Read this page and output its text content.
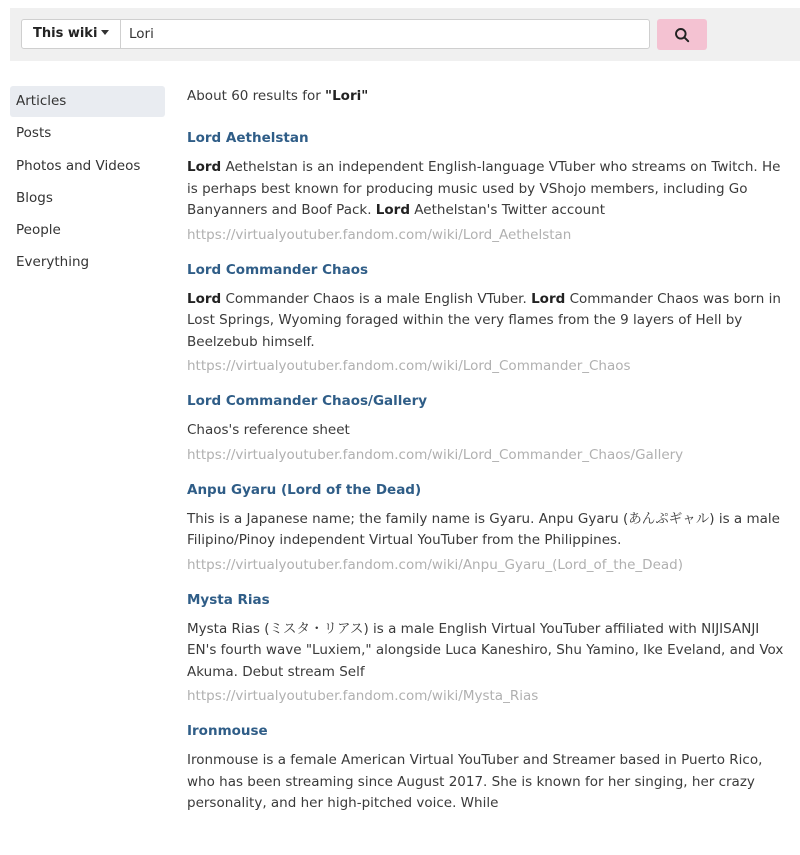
This wiki
Lori
Articles
Posts
Photos and Videos
Blogs
People
Everything
About 60 results for "Lori"
Lord Aethelstan

Lord Aethelstan is an independent English-language VTuber who streams on Twitch. He is perhaps best known for producing music used by VShojo members, including Go Banyanners and Boof Pack. Lord Aethelstan's Twitter account

https://virtualyoutuber.fandom.com/wiki/Lord_Aethelstan
Lord Commander Chaos

Lord Commander Chaos is a male English VTuber. Lord Commander Chaos was born in Lost Springs, Wyoming foraged within the very flames from the 9 layers of Hell by Beelzebub himself.

https://virtualyoutuber.fandom.com/wiki/Lord_Commander_Chaos
Lord Commander Chaos/Gallery

Chaos's reference sheet

https://virtualyoutuber.fandom.com/wiki/Lord_Commander_Chaos/Gallery
Anpu Gyaru (Lord of the Dead)

This is a Japanese name; the family name is Gyaru. Anpu Gyaru (あんぷギャル) is a male Filipino/Pinoy independent Virtual YouTuber from the Philippines.

https://virtualyoutuber.fandom.com/wiki/Anpu_Gyaru_(Lord_of_the_Dead)
Mysta Rias

Mysta Rias (ミスタ・リアス) is a male English Virtual YouTuber affiliated with NIJISANJI EN's fourth wave "Luxiem," alongside Luca Kaneshiro, Shu Yamino, Ike Eveland, and Vox Akuma. Debut stream Self

https://virtualyoutuber.fandom.com/wiki/Mysta_Rias
Ironmouse

Ironmouse is a female American Virtual YouTuber and Streamer based in Puerto Rico, who has been streaming since August 2017. She is known for her singing, her crazy personality, and her high-pitched voice. While
